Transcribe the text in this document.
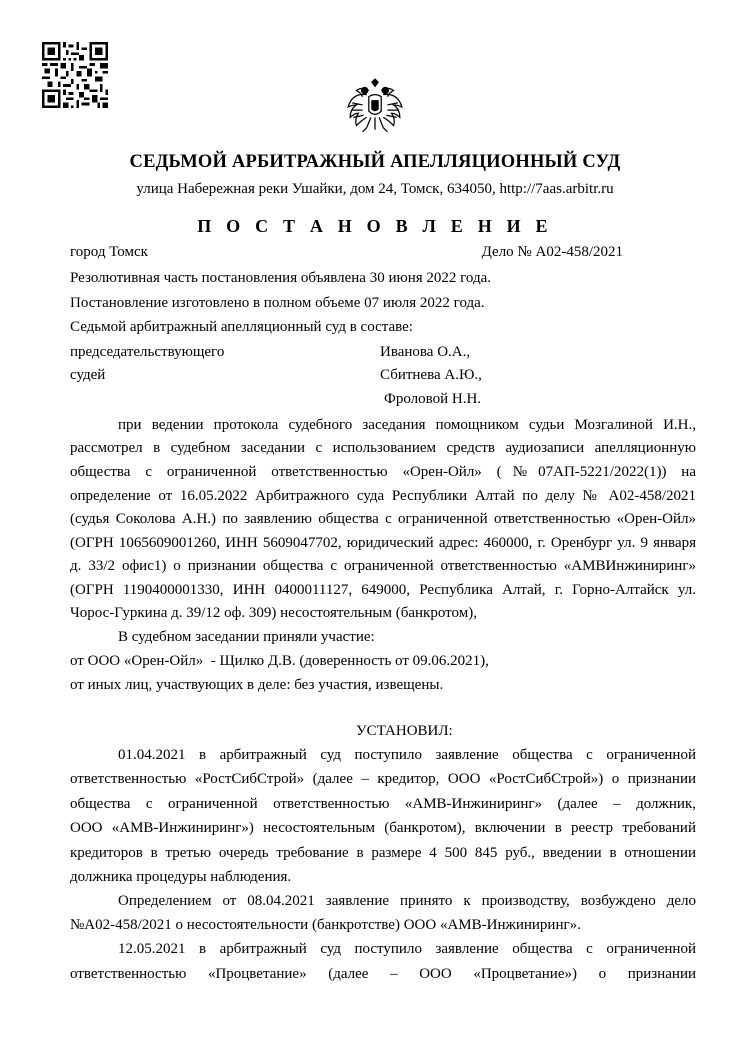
СЕДЬМОЙ АРБИТРАЖНЫЙ АПЕЛЛЯЦИОННЫЙ СУД
улица Набережная реки Ушайки, дом 24, Томск, 634050, http://7aas.arbitr.ru
П О С Т А Н О В Л Е Н И Е
город Томск	Дело № А02-458/2021
Резолютивная часть постановления объявлена 30 июня 2022 года.
Постановление изготовлено в полном объеме 07 июля 2022 года.
Седьмой арбитражный апелляционный суд в составе:
председательствующего	Иванова О.А.,
судей	Сбитнева А.Ю.,
Фроловой Н.Н.
при ведении протокола судебного заседания помощником судьи Мозгалиной И.Н.,
рассмотрел в судебном заседании с использованием средств аудиозаписи апелляционную
общества с ограниченной ответственностью «Орен-Ойл» (№07АП-5221/2022(1)) на
определение от 16.05.2022 Арбитражного суда Республики Алтай по делу № А02-458/2021
(судья Соколова А.Н.) по заявлению общества с ограниченной ответственностью «Орен-Ойл»
(ОГРН 1065609001260, ИНН 5609047702, юридический адрес: 460000, г. Оренбург ул. 9 января
д. 33/2 офис1) о признании общества с ограниченной ответственностью «АМВИнжиниринг»
(ОГРН 1190400001330, ИНН 0400011127, 649000, Республика Алтай, г. Горно-Алтайск ул.
Чорос-Гуркина д. 39/12 оф. 309) несостоятельным (банкротом),
В судебном заседании приняли участие:
от ООО «Орен-Ойл»  - Щилко Д.В. (доверенность от 09.06.2021),
от иных лиц, участвующих в деле: без участия, извещены.
УСТАНОВИЛ:
01.04.2021 в арбитражный суд поступило заявление общества с ограниченной
ответственностью «РостСибСтрой» (далее – кредитор, ООО «РостСибСтрой») о признании
общества с ограниченной ответственностью «АМВ-Инжиниринг» (далее – должник,
ООО «АМВ-Инжиниринг») несостоятельным (банкротом), включении в реестр требований
кредиторов в третью очередь требование в размере 4 500 845 руб., введении в отношении
должника процедуры наблюдения.
Определением от 08.04.2021 заявление принято к производству, возбуждено дело
№А02-458/2021 о несостоятельности (банкротстве) ООО «АМВ-Инжиниринг».
12.05.2021 в арбитражный суд поступило заявление общества с ограниченной
ответственностью «Процветание» (далее – ООО «Процветание») о признании
